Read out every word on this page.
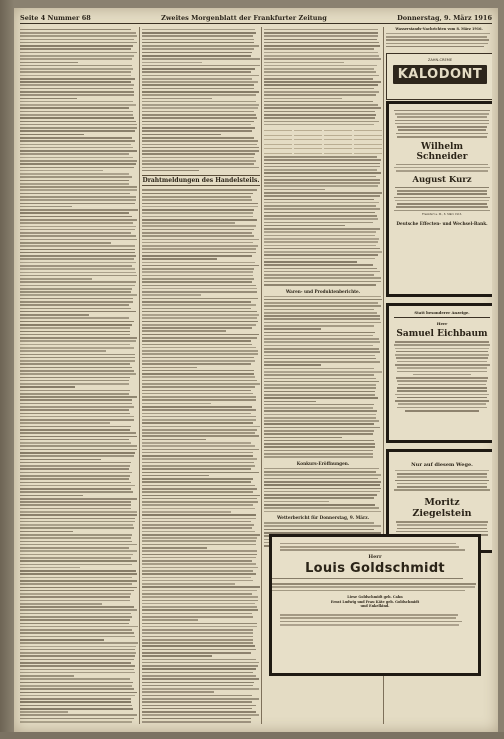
Seite 4 Nummer 68	Zweites Morgenblatt der Frankfurter Zeitung	Donnerstag, 9. März 1916
Drahtmeldungen des Handelsteils.
Waren- und Produktenberichte.
Konkurs-Eröffnungen.
Wetterbericht für Donnerstag, 9. März.
Wasserstands-Nachrichten vom 8. März 1916.
ZAHN-CREME
KALODONT
Wilhelm Schneider
August Kurz
Frankfurt a. M., 8. März 1916.
Deutsche Effecten- und Wechsel-Bank.
Statt besonderer Anzeige.
Herr
Samuel Eichbaum
Nur auf diesem Wege.
Moritz Ziegelstein
Herr
Louis Goldschmidt
Liese Goldschmidt geb. Cahn
Ernst Ludwig und Frau Käte geb. Goldschmidt
und Enkelkind.
